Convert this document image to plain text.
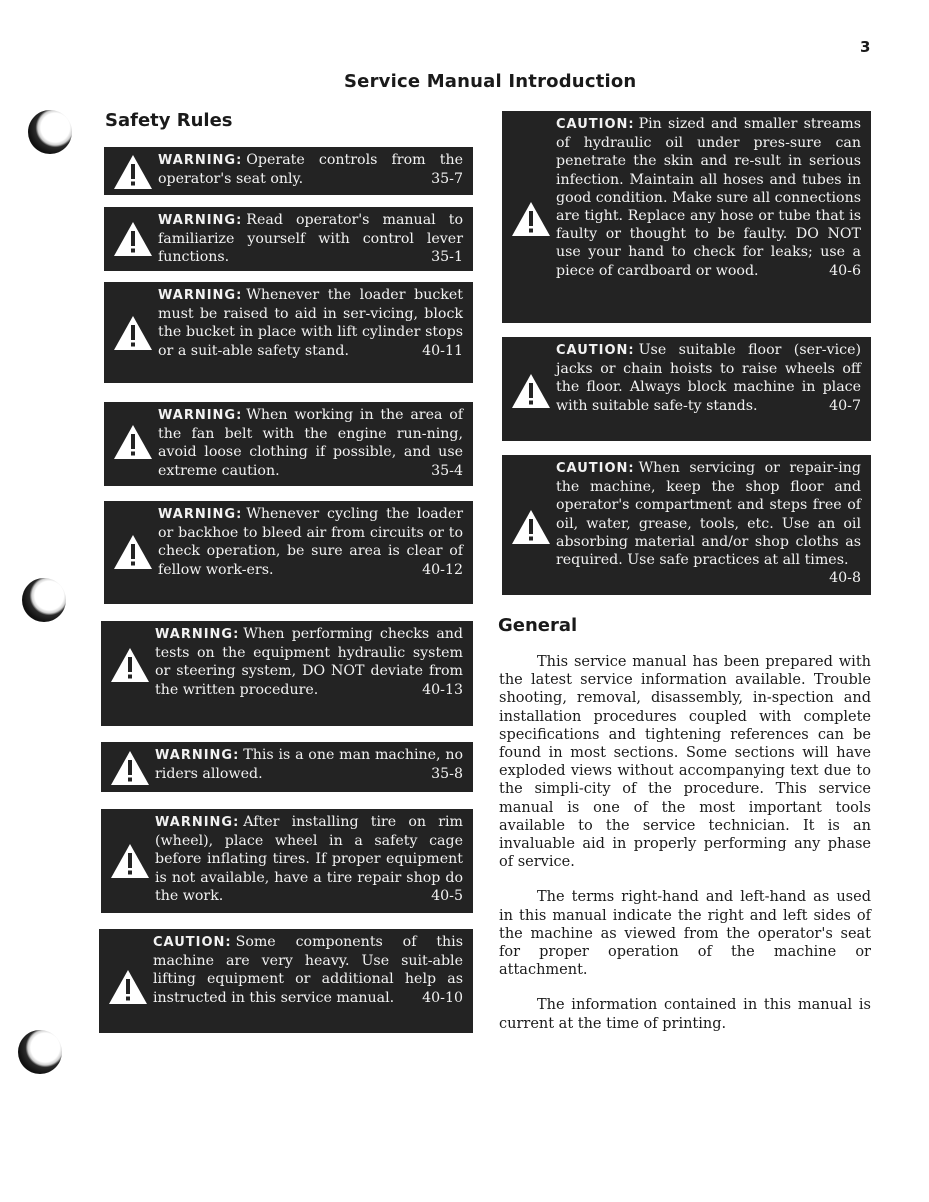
3
Service Manual Introduction
Safety Rules
WARNING: Operate controls from the operator's seat only.	35-7
WARNING: Read operator's manual to familiarize yourself with control lever functions.	35-1
WARNING: Whenever the loader bucket must be raised to aid in ser-vicing, block the bucket in place with lift cylinder stops or a suit-able safety stand.	40-11
WARNING: When working in the area of the fan belt with the engine run-ning, avoid loose clothing if possible, and use extreme caution.	35-4
WARNING: Whenever cycling the loader or backhoe to bleed air from circuits or to check operation, be sure area is clear of fellow work-ers.	40-12
WARNING: When performing checks and tests on the equipment hydraulic system or steering system, DO NOT deviate from the written procedure.	40-13
WARNING: This is a one man machine, no riders allowed.	35-8
WARNING: After installing tire on rim (wheel), place wheel in a safety cage before inflating tires. If proper equipment is not available, have a tire repair shop do the work.	40-5
CAUTION: Some components of this machine are very heavy. Use suit-able lifting equipment or additional help as instructed in this service manual. 40-10
CAUTION: Pin sized and smaller streams of hydraulic oil under pres-sure can penetrate the skin and re-sult in serious infection. Maintain all hoses and tubes in good condition. Make sure all connections are tight. Replace any hose or tube that is faulty or thought to be faulty. DO NOT use your hand to check for leaks; use a piece of cardboard or wood.	40-6
CAUTION: Use suitable floor (ser-vice) jacks or chain hoists to raise wheels off the floor. Always block machine in place with suitable safe-ty stands.	40-7
CAUTION: When servicing or repair-ing the machine, keep the shop floor and operator's compartment and steps free of oil, water, grease, tools, etc. Use an oil absorbing material and/or shop cloths as required. Use safe practices at all times.
40-8
General

This service manual has been prepared with the latest service information available. Trouble shooting, removal, disassembly, in-spection and installation procedures coupled with complete specifications and tightening references can be found in most sections. Some sections will have exploded views without accompanying text due to the simpli-city of the procedure. This service manual is one of the most important tools available to the service technician. It is an invaluable aid in properly performing any phase of service.

The terms right-hand and left-hand as used in this manual indicate the right and left sides of the machine as viewed from the operator's seat for proper operation of the machine or attachment.

The information contained in this manual is current at the time of printing.
